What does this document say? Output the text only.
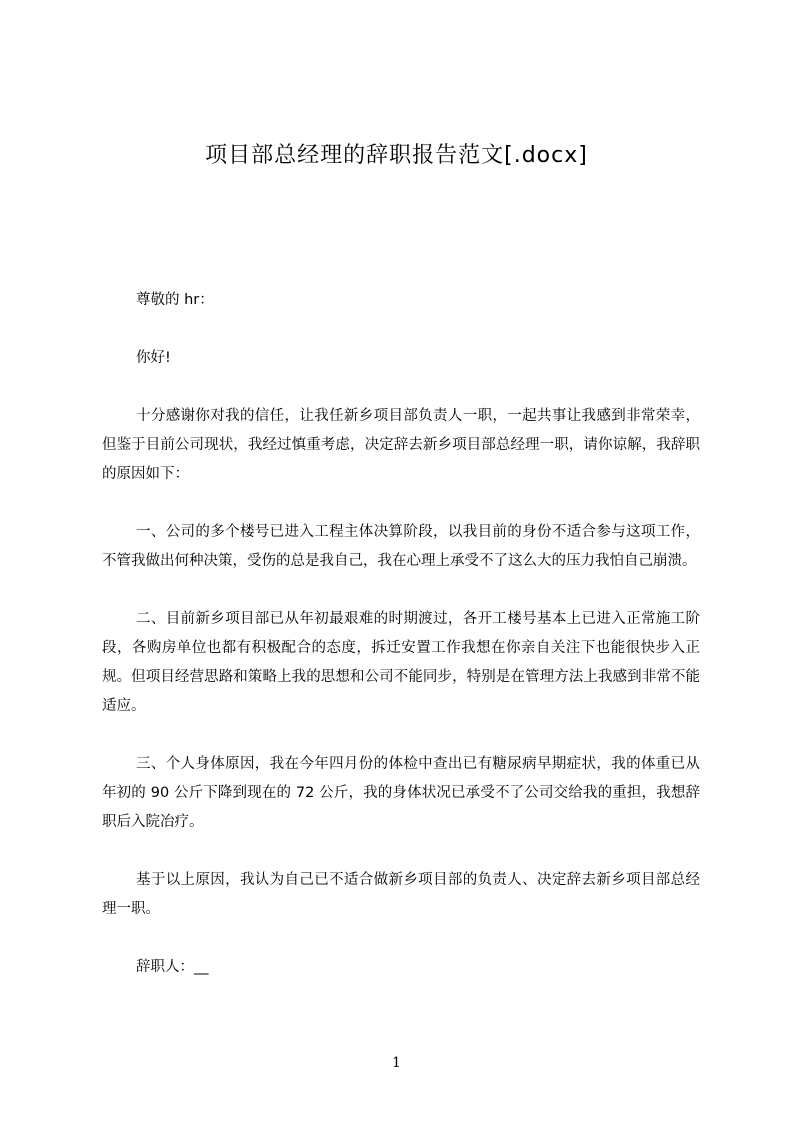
项目部总经理的辞职报告范文[.docx]

尊敬的 hr：

你好!

十分感谢你对我的信任，让我任新乡项目部负责人一职，一起共事让我感到非常荣幸，但鉴于目前公司现状，我经过慎重考虑，决定辞去新乡项目部总经理一职，请你谅解，我辞职的原因如下：

一、公司的多个楼号已进入工程主体决算阶段，以我目前的身份不适合参与这项工作，不管我做出何种决策，受伤的总是我自己，我在心理上承受不了这么大的压力我怕自己崩溃。

二、目前新乡项目部已从年初最艰难的时期渡过，各开工楼号基本上已进入正常施工阶段，各购房单位也都有积极配合的态度，拆迁安置工作我想在你亲自关注下也能很快步入正规。但项目经营思路和策略上我的思想和公司不能同步，特别是在管理方法上我感到非常不能适应。

三、个人身体原因，我在今年四月份的体检中查出已有糖尿病早期症状，我的体重已从年初的 90 公斤下降到现在的 72 公斤，我的身体状况已承受不了公司交给我的重担，我想辞职后入院冶疗。

基于以上原因，我认为自己已不适合做新乡项目部的负责人、决定辞去新乡项目部总经理一职。

辞职人：__

1
